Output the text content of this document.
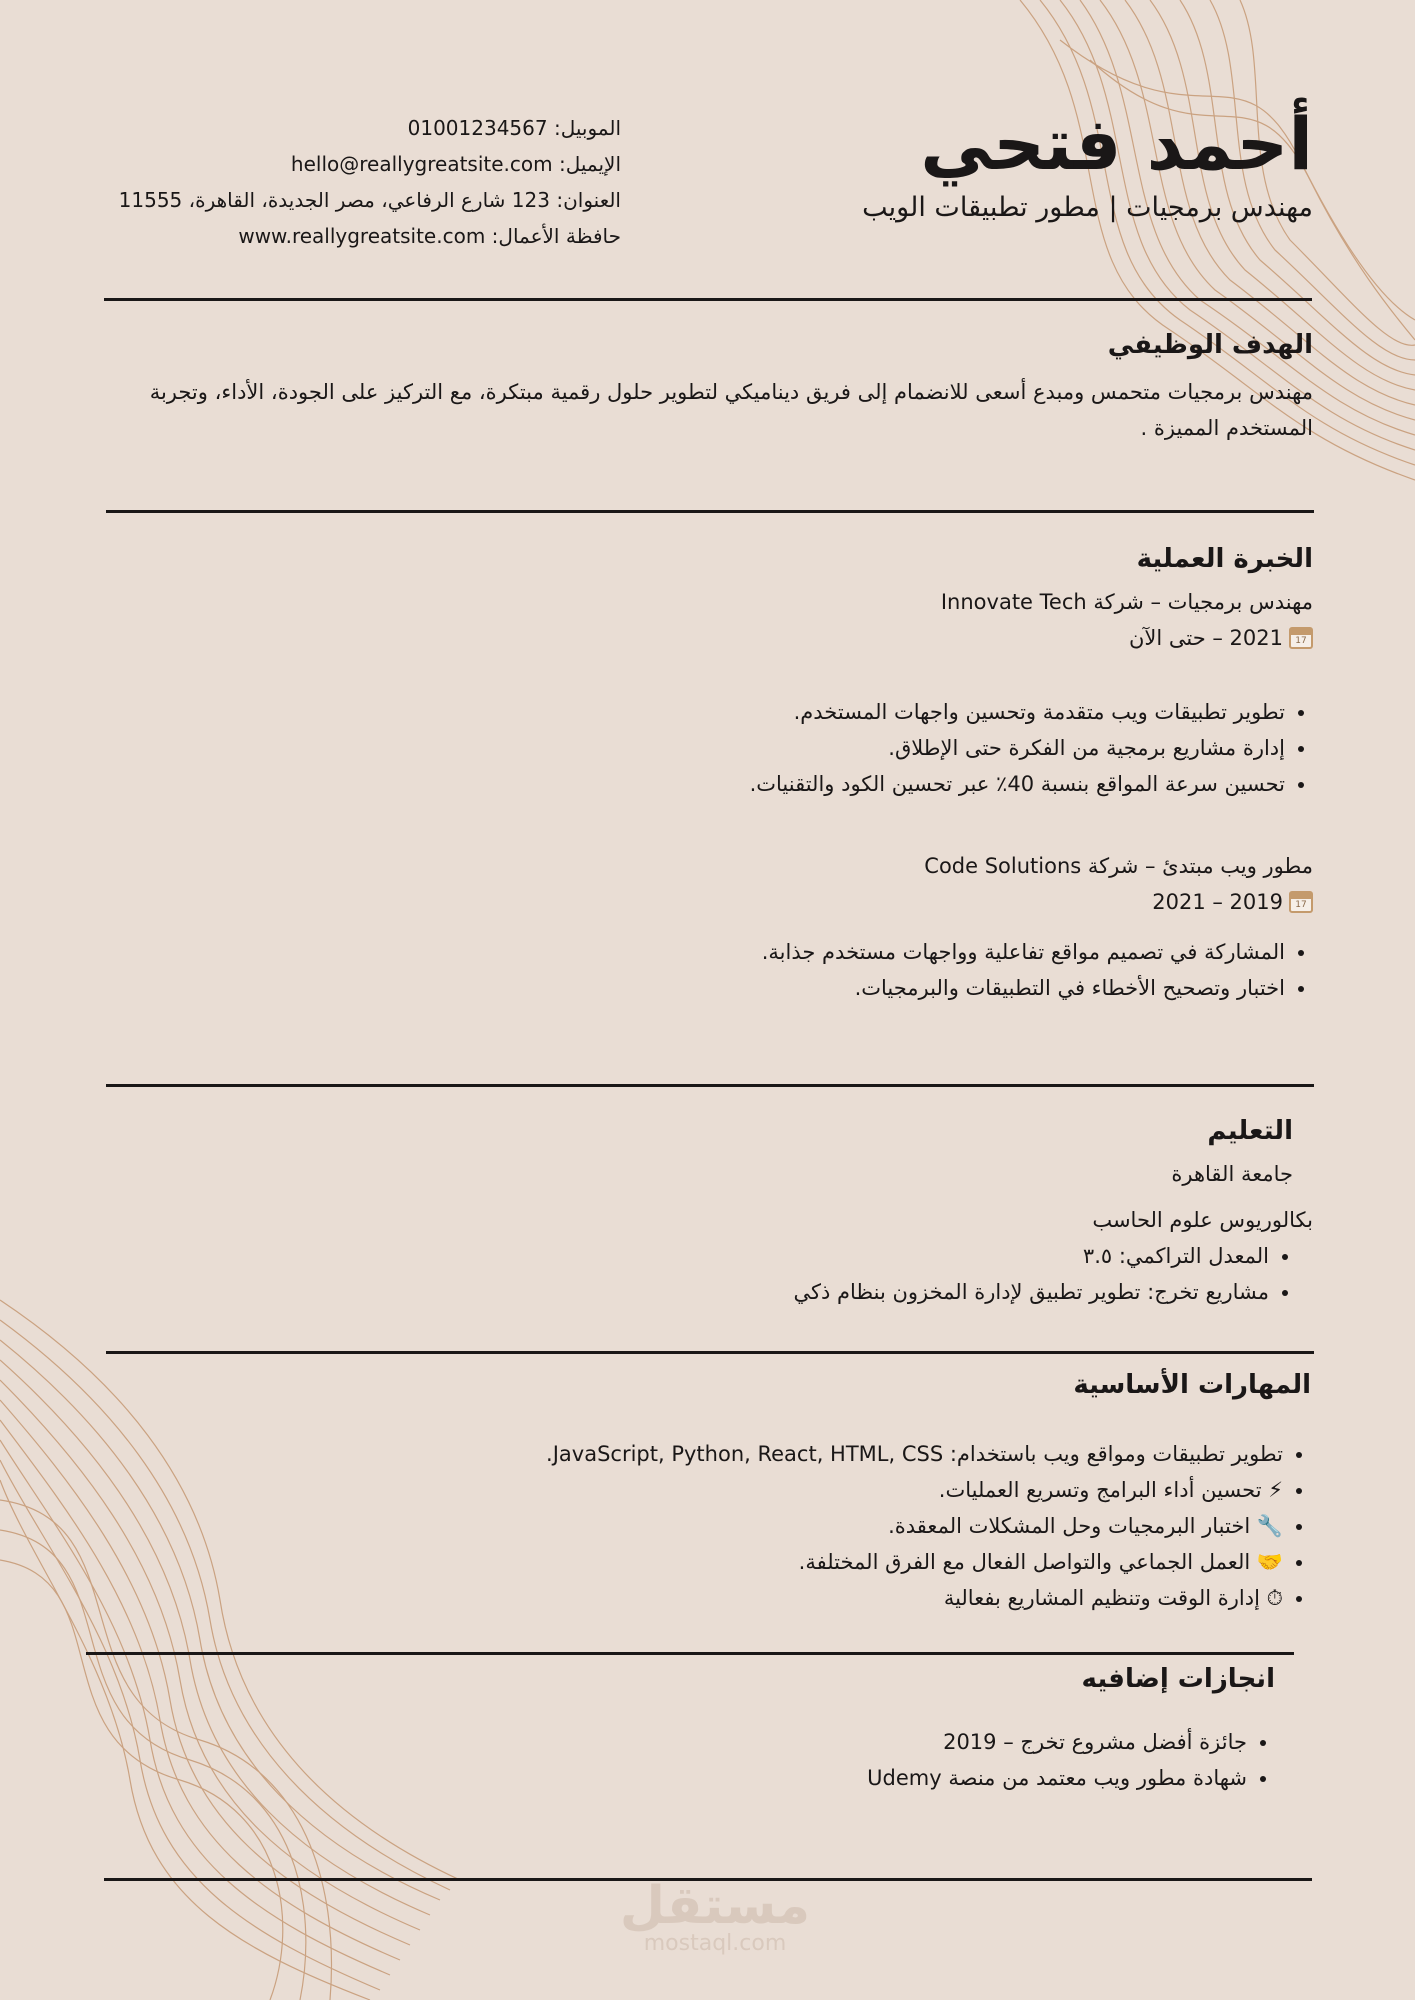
أحمد فتحي
مهندس برمجيات | مطور تطبيقات الويب
الموبيل: 01001234567
الإيميل: hello@reallygreatsite.com
العنوان: 123 شارع الرفاعي، مصر الجديدة، القاهرة، 11555
حافظة الأعمال: www.reallygreatsite.com
الهدف الوظيفي

مهندس برمجيات متحمس ومبدع أسعى للانضمام إلى فريق ديناميكي لتطوير حلول رقمية مبتكرة، مع التركيز على الجودة، الأداء، وتجربة المستخدم المميزة .

الخبرة العملية
مهندس برمجيات – شركة Innovate Tech
17
2021 – حتى الآن
• تطوير تطبيقات ويب متقدمة وتحسين واجهات المستخدم.
• إدارة مشاريع برمجية من الفكرة حتى الإطلاق.
• تحسين سرعة المواقع بنسبة 40٪ عبر تحسين الكود والتقنيات.
مطور ويب مبتدئ – شركة Code Solutions
17
2019 – 2021
• المشاركة في تصميم مواقع تفاعلية وواجهات مستخدم جذابة.
• اختبار وتصحيح الأخطاء في التطبيقات والبرمجيات.
التعليم
جامعة القاهرة
بكالوريوس علوم الحاسب
• المعدل التراكمي: ٣.٥
• مشاريع تخرج: تطوير تطبيق لإدارة المخزون بنظام ذكي
المهارات الأساسية
• تطوير تطبيقات ومواقع ويب باستخدام: JavaScript, Python, React, HTML, CSS.
• ⚡ تحسين أداء البرامج وتسريع العمليات.
• 🔧 اختبار البرمجيات وحل المشكلات المعقدة.
• 🤝 العمل الجماعي والتواصل الفعال مع الفرق المختلفة.
• ⏱ إدارة الوقت وتنظيم المشاريع بفعالية
انجازات إضافيه
• جائزة أفضل مشروع تخرج – 2019
• شهادة مطور ويب معتمد من منصة Udemy
مستقل
mostaql.com
